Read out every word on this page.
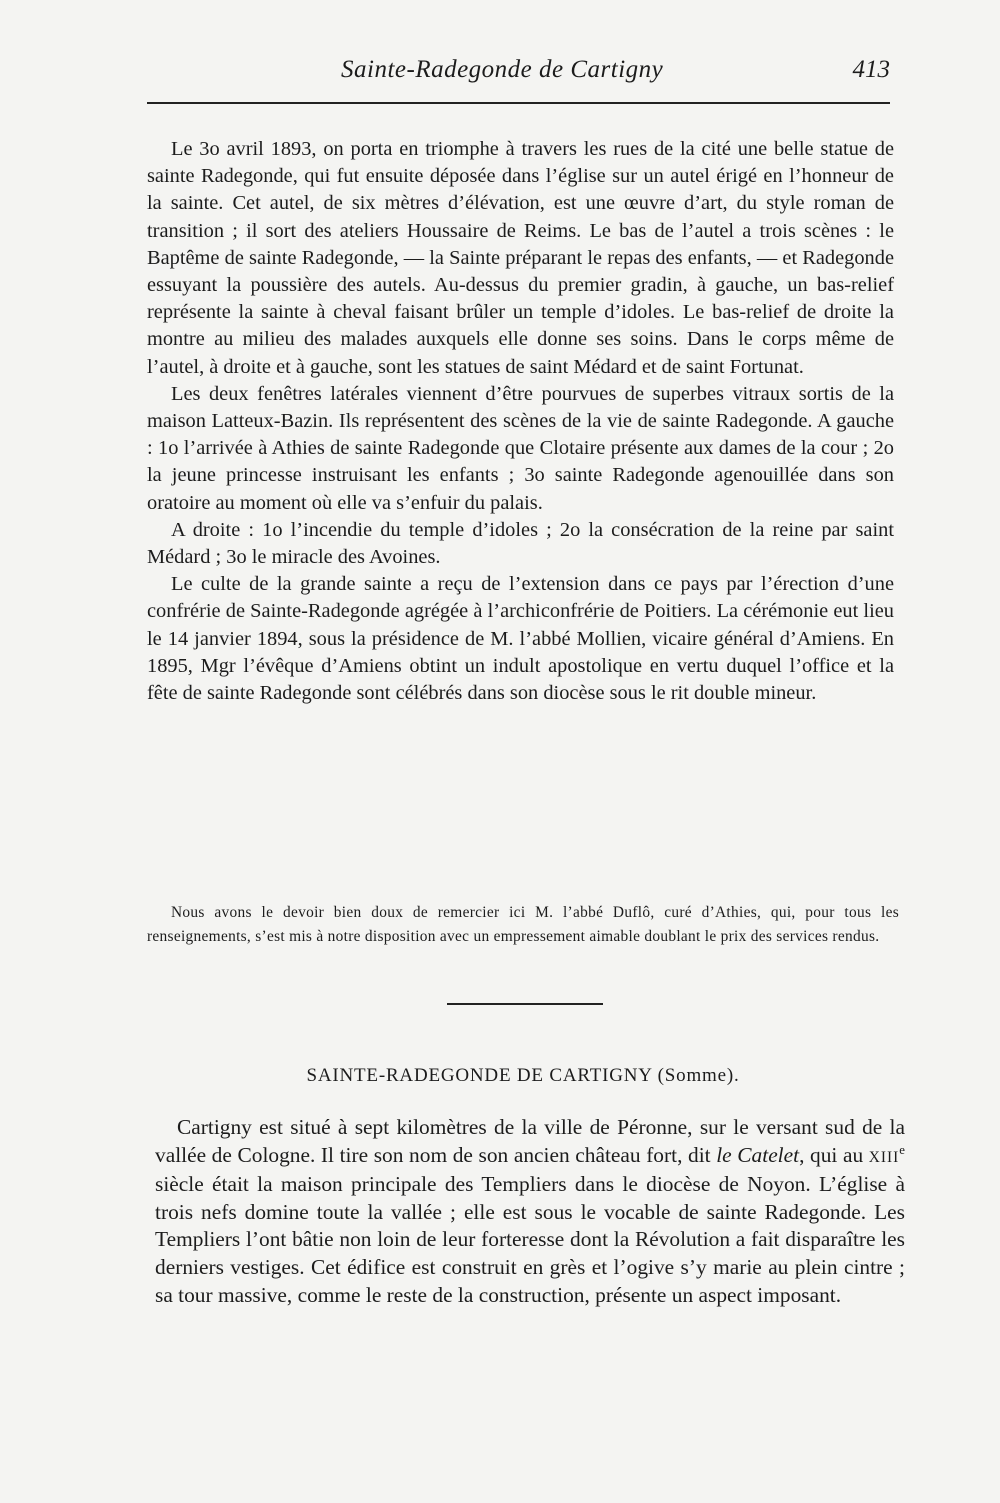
Sainte-Radegonde de Cartigny	413

Le 3o avril 1893, on porta en triomphe à travers les rues de la cité une belle statue de sainte Radegonde, qui fut ensuite déposée dans l’église sur un autel érigé en l’honneur de la sainte. Cet autel, de six mètres d’élévation, est une œuvre d’art, du style roman de transition ; il sort des ateliers Houssaire de Reims. Le bas de l’autel a trois scènes : le Baptême de sainte Radegonde, — la Sainte préparant le repas des enfants, — et Radegonde essuyant la poussière des autels. Au-dessus du premier gradin, à gauche, un bas-relief représente la sainte à cheval faisant brûler un temple d’idoles. Le bas-relief de droite la montre au milieu des malades auxquels elle donne ses soins. Dans le corps même de l’autel, à droite et à gauche, sont les statues de saint Médard et de saint Fortunat.

Les deux fenêtres latérales viennent d’être pourvues de superbes vitraux sortis de la maison Latteux-Bazin. Ils représentent des scènes de la vie de sainte Radegonde. A gauche : 1o l’arrivée à Athies de sainte Radegonde que Clotaire présente aux dames de la cour ; 2o la jeune princesse instruisant les enfants ; 3o sainte Radegonde agenouillée dans son oratoire au moment où elle va s’enfuir du palais.

A droite : 1o l’incendie du temple d’idoles ; 2o la consécration de la reine par saint Médard ; 3o le miracle des Avoines.

Le culte de la grande sainte a reçu de l’extension dans ce pays par l’érection d’une confrérie de Sainte-Radegonde agrégée à l’archiconfrérie de Poitiers. La cérémonie eut lieu le 14 janvier 1894, sous la présidence de M. l’abbé Mollien, vicaire général d’Amiens. En 1895, Mgr l’évêque d’Amiens obtint un indult apostolique en vertu duquel l’office et la fête de sainte Radegonde sont célébrés dans son diocèse sous le rit double mineur.

Nous avons le devoir bien doux de remercier ici M. l’abbé Duflô, curé d’Athies, qui, pour tous les renseignements, s’est mis à notre disposition avec un empressement aimable doublant le prix des services rendus.

SAINTE-RADEGONDE DE CARTIGNY (Somme).

Cartigny est situé à sept kilomètres de la ville de Péronne, sur le versant sud de la vallée de Cologne. Il tire son nom de son ancien château fort, dit le Catelet, qui au XIIIe siècle était la maison principale des Templiers dans le diocèse de Noyon. L’église à trois nefs domine toute la vallée ; elle est sous le vocable de sainte Radegonde. Les Templiers l’ont bâtie non loin de leur forteresse dont la Révolution a fait disparaître les derniers vestiges. Cet édifice est construit en grès et l’ogive s’y marie au plein cintre ; sa tour massive, comme le reste de la construction, présente un aspect imposant.
